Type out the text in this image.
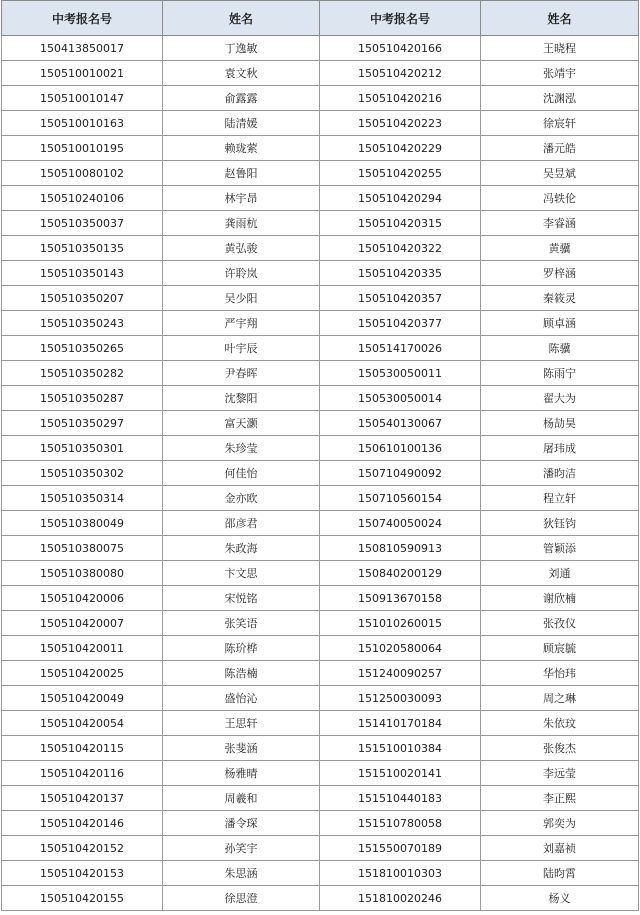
中考报名号	姓名	中考报名号	姓名
150413850017	丁逸敏	150510420166	王晓程
150510010021	袁文秋	150510420212	张靖宇
150510010147	俞露露	150510420216	沈渊泓
150510010163	陆清媛	150510420223	徐宸轩
150510010195	赖珑萦	150510420229	潘元皓
150510080102	赵鲁阳	150510420255	吴昱斌
150510240106	林宇昂	150510420294	冯轶伦
150510350037	龚雨杭	150510420315	李睿涵
150510350135	黄弘骏	150510420322	黄骥
150510350143	许聆岚	150510420335	罗梓涵
150510350207	吴少阳	150510420357	秦筱灵
150510350243	严宇翔	150510420377	顾卓涵
150510350265	叶宇辰	150514170026	陈骥
150510350282	尹春晖	150530050011	陈雨宁
150510350287	沈黎阳	150530050014	翟大为
150510350297	富天灏	150540130067	杨劼昊
150510350301	朱珍莹	150610100136	屠玮成
150510350302	何佳怡	150710490092	潘昀洁
150510350314	金亦欧	150710560154	程立轩
150510380049	邵彦君	150740050024	狄钰钧
150510380075	朱政海	150810590913	管颖添
150510380080	卞文思	150840200129	刘通
150510420006	宋悦铭	150913670158	谢欣楠
150510420007	张笑语	151010260015	张孜仪
150510420011	陈玠桦	151020580064	顾宸毓
150510420025	陈浩楠	151240090257	华怡玮
150510420049	盛怡沁	151250030093	周之琳
150510420054	王思轩	151410170184	朱依玟
150510420115	张斐涵	151510010384	张俊杰
150510420116	杨雅晴	151510020141	李远莹
150510420137	周羲和	151510440183	李正熙
150510420146	潘令琛	151510780058	郭奕为
150510420152	孙笑宇	151550070189	刘嘉祯
150510420153	朱思涵	151810010303	陆昀霄
150510420155	徐思澄	151810020246	杨义
